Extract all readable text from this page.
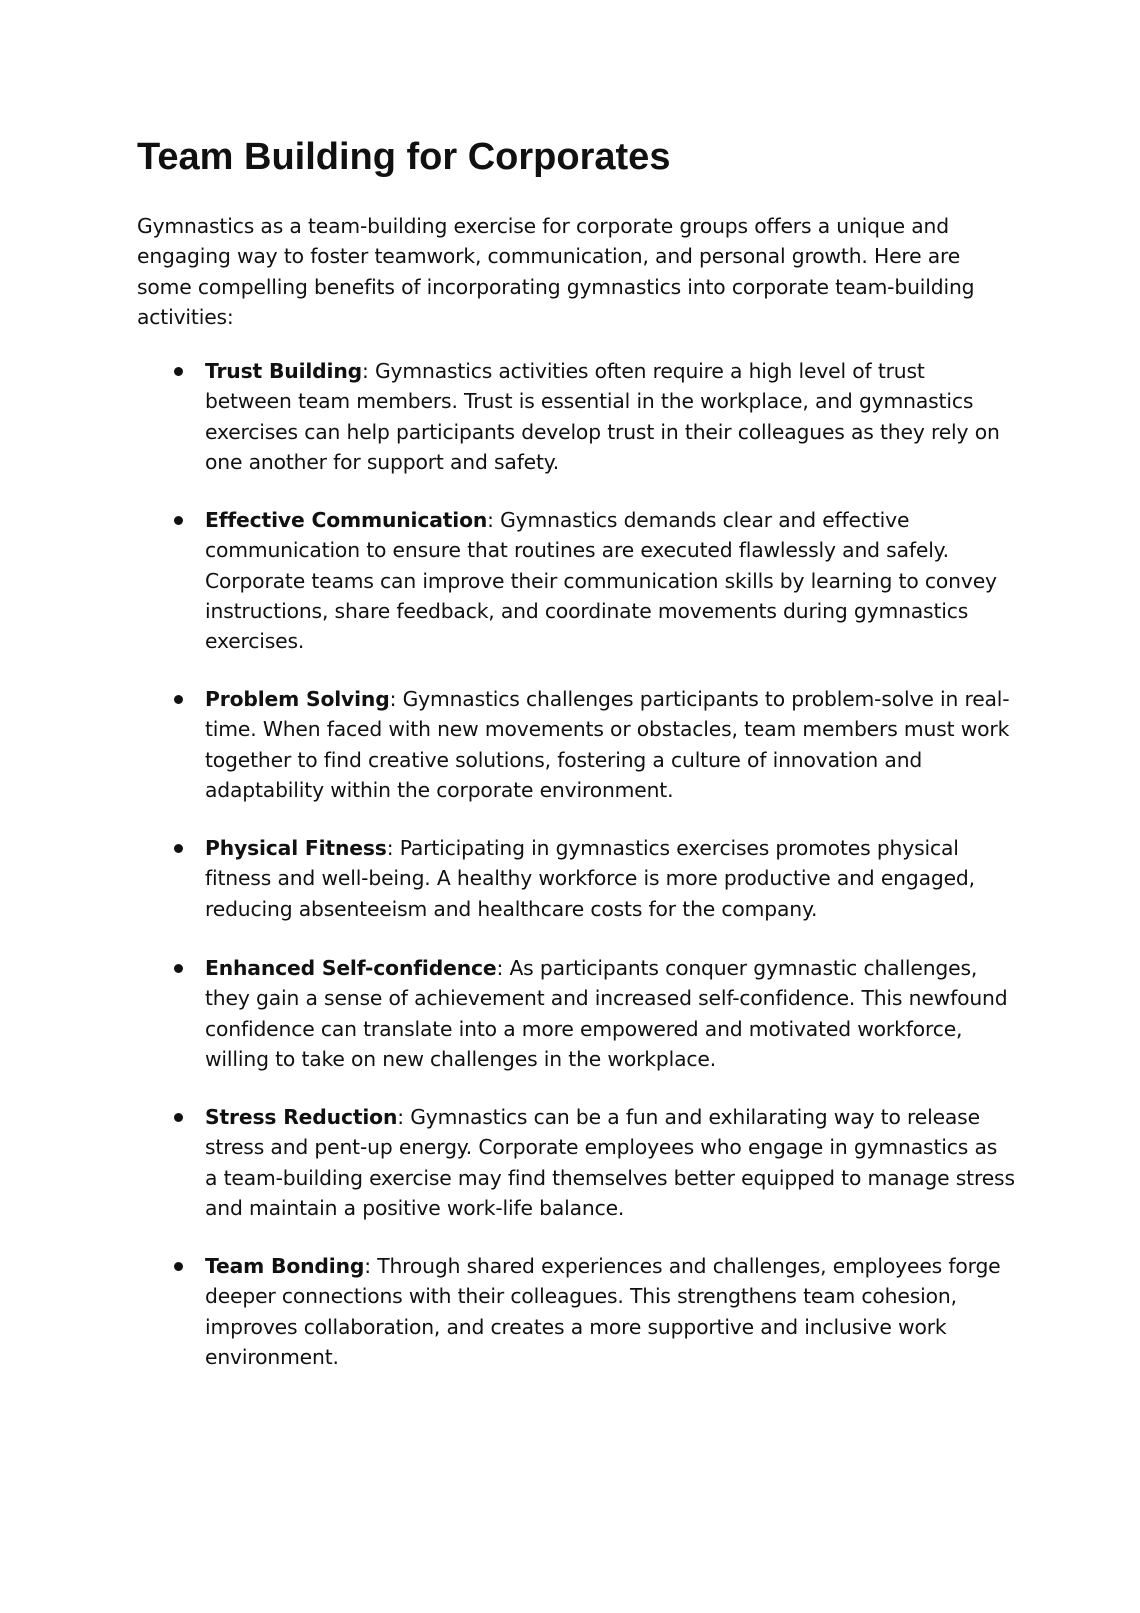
Team Building for Corporates

Gymnastics as a team-building exercise for corporate groups offers a unique and engaging way to foster teamwork, communication, and personal growth. Here are some compelling benefits of incorporating gymnastics into corporate team-building activities:

Trust Building: Gymnastics activities often require a high level of trust between team members. Trust is essential in the workplace, and gymnastics exercises can help participants develop trust in their colleagues as they rely on one another for support and safety.
Effective Communication: Gymnastics demands clear and effective communication to ensure that routines are executed flawlessly and safely. Corporate teams can improve their communication skills by learning to convey instructions, share feedback, and coordinate movements during gymnastics exercises.
Problem Solving: Gymnastics challenges participants to problem-solve in real-time. When faced with new movements or obstacles, team members must work together to find creative solutions, fostering a culture of innovation and adaptability within the corporate environment.
Physical Fitness: Participating in gymnastics exercises promotes physical fitness and well-being. A healthy workforce is more productive and engaged, reducing absenteeism and healthcare costs for the company.
Enhanced Self-confidence: As participants conquer gymnastic challenges, they gain a sense of achievement and increased self-confidence. This newfound confidence can translate into a more empowered and motivated workforce, willing to take on new challenges in the workplace.
Stress Reduction: Gymnastics can be a fun and exhilarating way to release stress and pent-up energy. Corporate employees who engage in gymnastics as a team-building exercise may find themselves better equipped to manage stress and maintain a positive work-life balance.
Team Bonding: Through shared experiences and challenges, employees forge deeper connections with their colleagues. This strengthens team cohesion, improves collaboration, and creates a more supportive and inclusive work environment.
